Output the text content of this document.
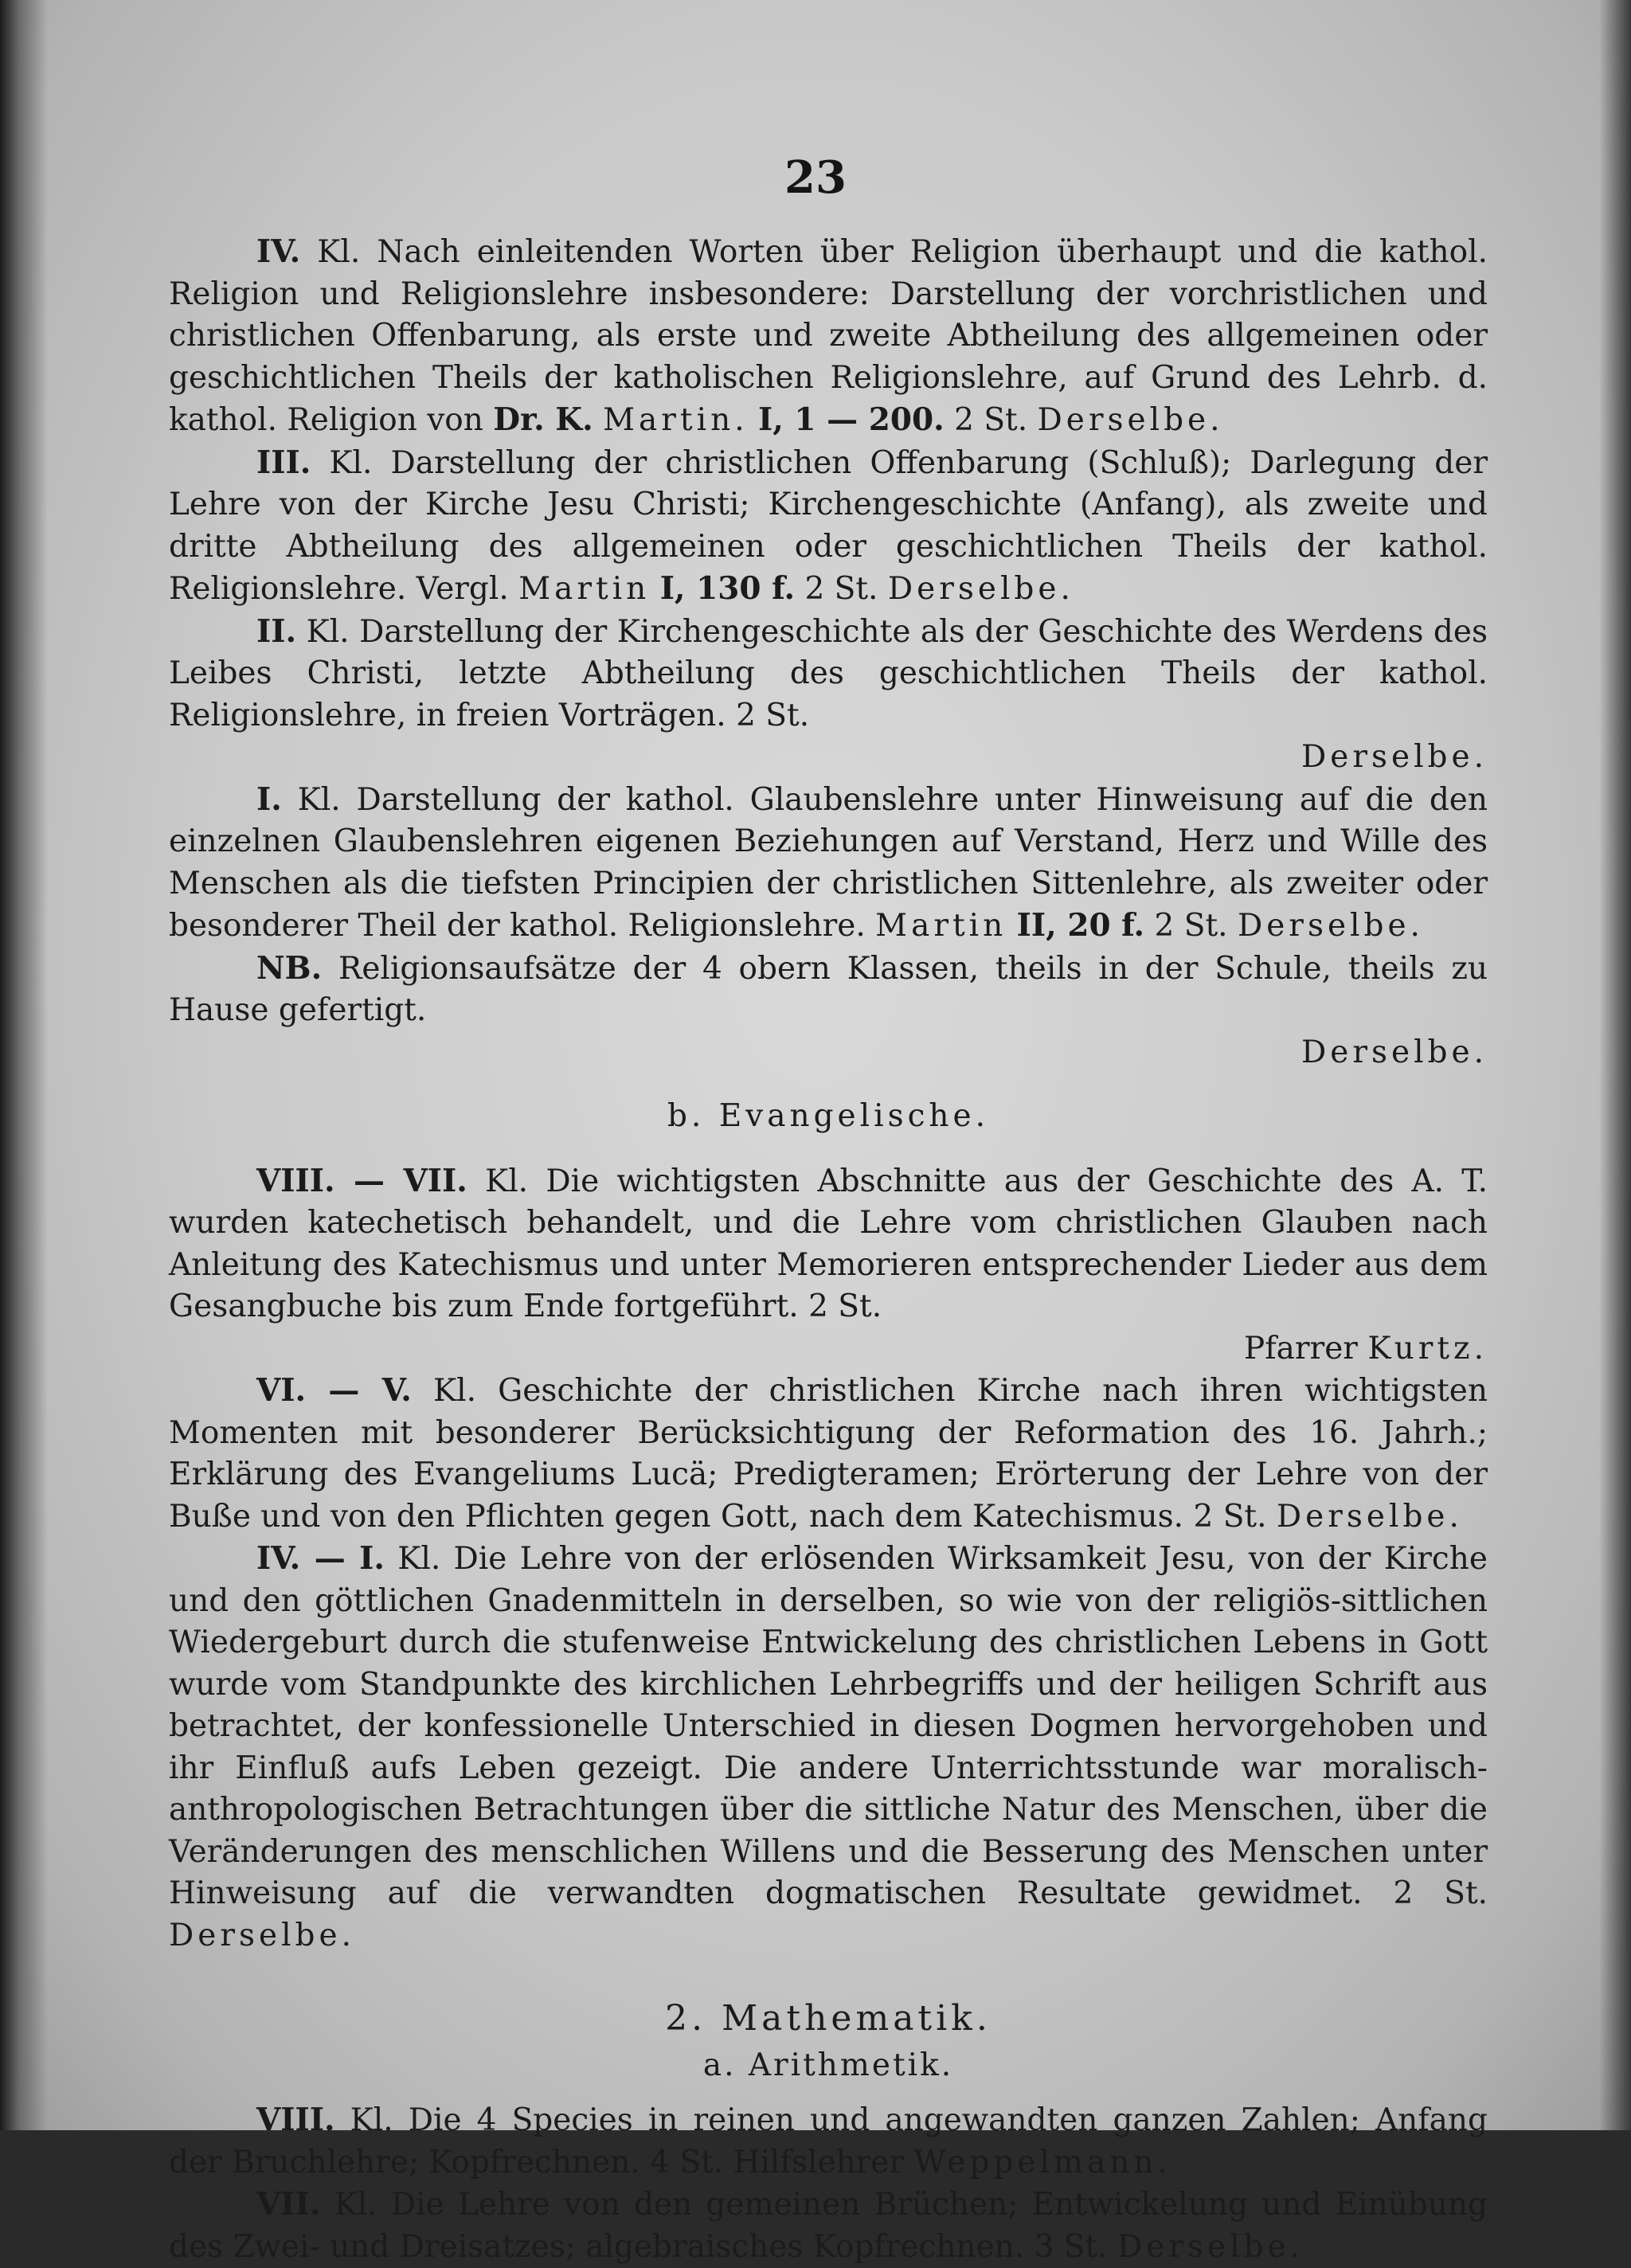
23

IV. Kl. Nach einleitenden Worten über Religion überhaupt und die kathol. Religion und Religionslehre insbesondere: Darstellung der vorchristlichen und christlichen Offenbarung, als erste und zweite Abtheilung des allgemeinen oder geschichtlichen Theils der katholischen Religionslehre, auf Grund des Lehrb. d. kathol. Religion von Dr. K. Martin. I, 1 — 200. 2 St. Derselbe.

III. Kl. Darstellung der christlichen Offenbarung (Schluß); Darlegung der Lehre von der Kirche Jesu Christi; Kirchengeschichte (Anfang), als zweite und dritte Abtheilung des allgemeinen oder geschichtlichen Theils der kathol. Religionslehre. Vergl. Martin I, 130 f. 2 St. Derselbe.

II. Kl. Darstellung der Kirchengeschichte als der Geschichte des Werdens des Leibes Christi, letzte Abtheilung des geschichtlichen Theils der kathol. Religionslehre, in freien Vorträgen. 2 St.

Derselbe.

I. Kl. Darstellung der kathol. Glaubenslehre unter Hinweisung auf die den einzelnen Glaubenslehren eigenen Beziehungen auf Verstand, Herz und Wille des Menschen als die tiefsten Principien der christlichen Sittenlehre, als zweiter oder besonderer Theil der kathol. Religionslehre. Martin II, 20 f. 2 St. Derselbe.

NB. Religionsaufsätze der 4 obern Klassen, theils in der Schule, theils zu Hause gefertigt.

Derselbe.

b. Evangelische.

VIII. — VII. Kl. Die wichtigsten Abschnitte aus der Geschichte des A. T. wurden katechetisch behandelt, und die Lehre vom christlichen Glauben nach Anleitung des Katechismus und unter Memorieren entsprechender Lieder aus dem Gesangbuche bis zum Ende fortgeführt. 2 St.

Pfarrer Kurtz.

VI. — V. Kl. Geschichte der christlichen Kirche nach ihren wichtigsten Momenten mit besonderer Berücksichtigung der Reformation des 16. Jahrh.; Erklärung des Evangeliums Lucä; Predigteramen; Erörterung der Lehre von der Buße und von den Pflichten gegen Gott, nach dem Katechismus. 2 St. Derselbe.

IV. — I. Kl. Die Lehre von der erlösenden Wirksamkeit Jesu, von der Kirche und den göttlichen Gnadenmitteln in derselben, so wie von der religiös-sittlichen Wiedergeburt durch die stufenweise Entwickelung des christlichen Lebens in Gott wurde vom Standpunkte des kirchlichen Lehrbegriffs und der heiligen Schrift aus betrachtet, der konfessionelle Unterschied in diesen Dogmen hervorgehoben und ihr Einfluß aufs Leben gezeigt. Die andere Unterrichtsstunde war moralisch-anthropologischen Betrachtungen über die sittliche Natur des Menschen, über die Veränderungen des menschlichen Willens und die Besserung des Menschen unter Hinweisung auf die verwandten dogmatischen Resultate gewidmet. 2 St. Derselbe.

2. Mathematik.

a. Arithmetik.

VIII. Kl. Die 4 Species in reinen und angewandten ganzen Zahlen; Anfang der Bruchlehre; Kopfrechnen. 4 St. Hilfslehrer Weppelmann.

VII. Kl. Die Lehre von den gemeinen Brüchen; Entwickelung und Einübung des Zwei- und Dreisatzes; algebraisches Kopfrechnen. 3 St. Derselbe.
